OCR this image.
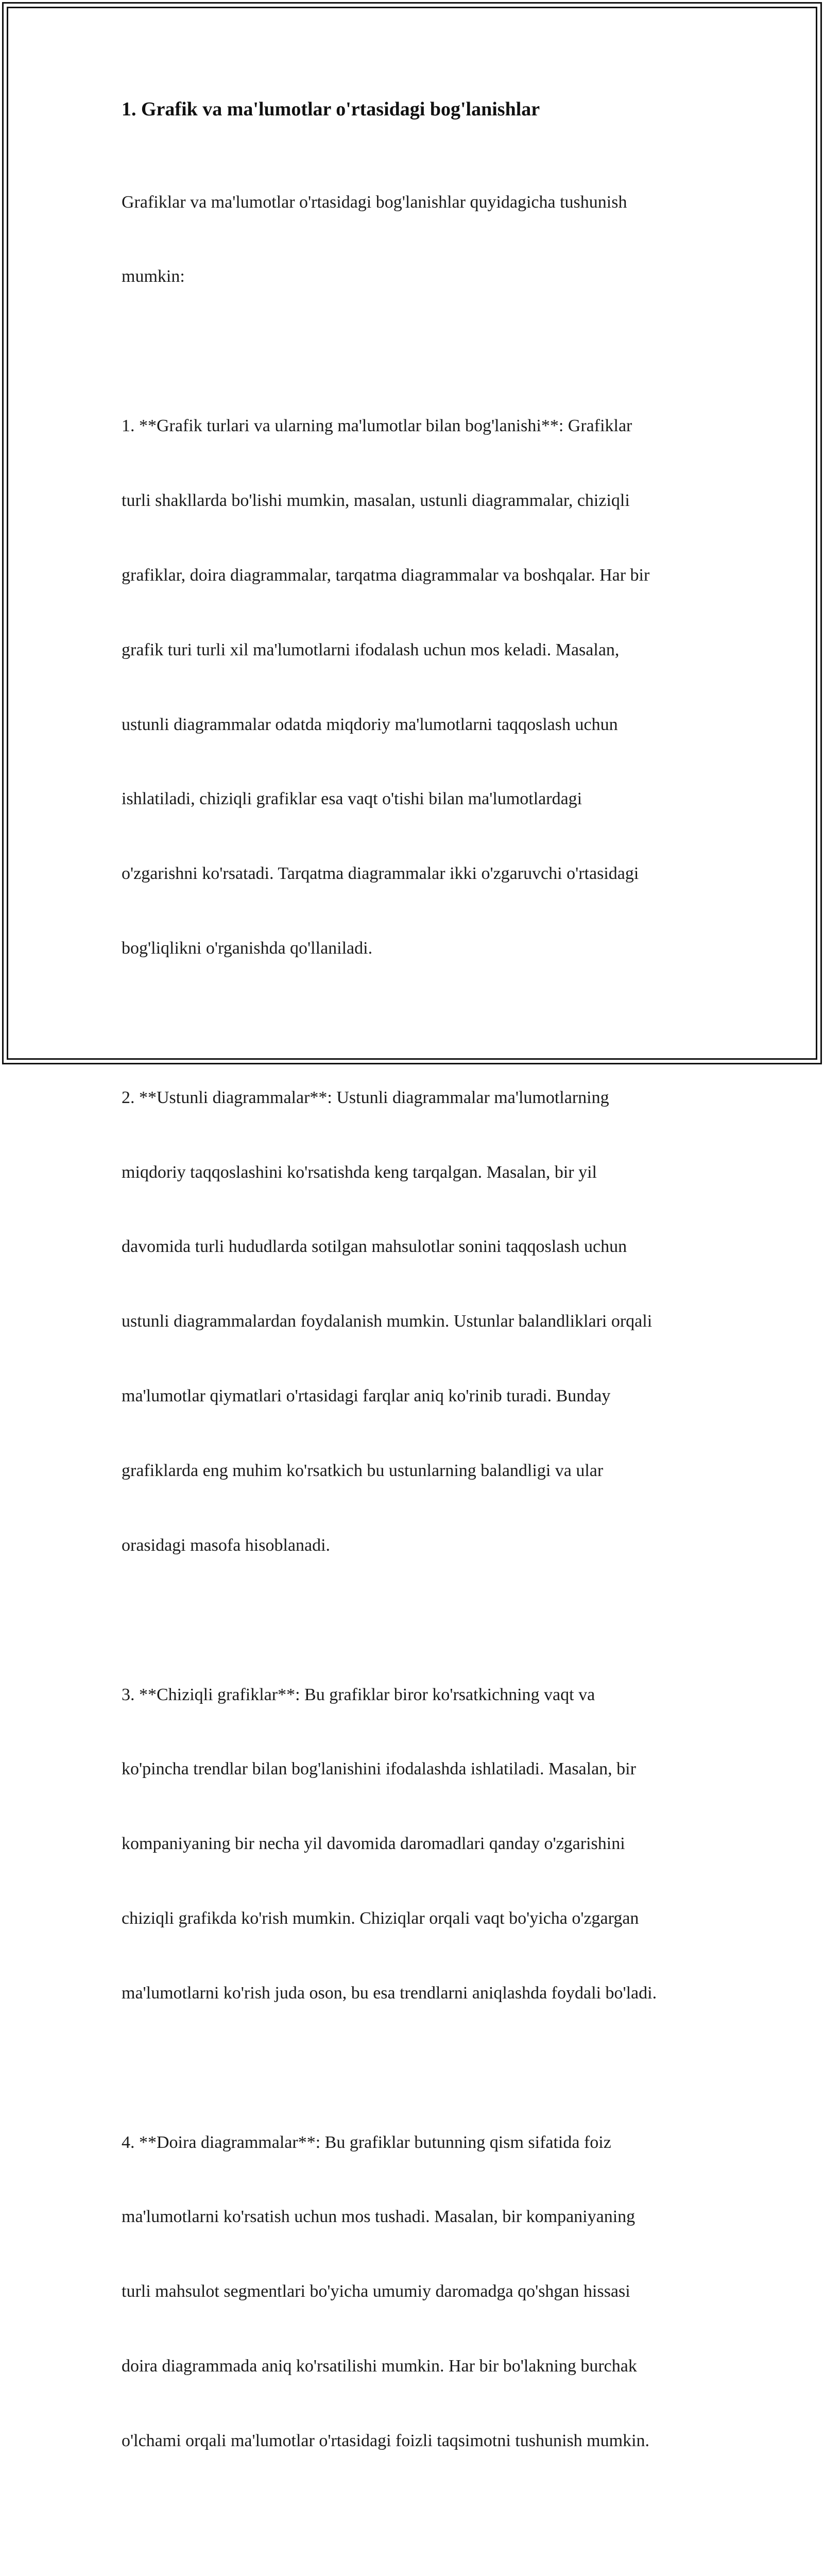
1. Grafik va ma'lumotlar o'rtasidagi bog'lanishlar

Grafiklar va ma'lumotlar o'rtasidagi bog'lanishlar quyidagicha tushunish

mumkin:

1. **Grafik turlari va ularning ma'lumotlar bilan bog'lanishi**: Grafiklar

turli shakllarda bo'lishi mumkin, masalan, ustunli diagrammalar, chiziqli

grafiklar, doira diagrammalar, tarqatma diagrammalar va boshqalar. Har bir

grafik turi turli xil ma'lumotlarni ifodalash uchun mos keladi. Masalan,

ustunli diagrammalar odatda miqdoriy ma'lumotlarni taqqoslash uchun

ishlatiladi, chiziqli grafiklar esa vaqt o'tishi bilan ma'lumotlardagi

o'zgarishni ko'rsatadi. Tarqatma diagrammalar ikki o'zgaruvchi o'rtasidagi

bog'liqlikni o'rganishda qo'llaniladi.

2. **Ustunli diagrammalar**: Ustunli diagrammalar ma'lumotlarning

miqdoriy taqqoslashini ko'rsatishda keng tarqalgan. Masalan, bir yil

davomida turli hududlarda sotilgan mahsulotlar sonini taqqoslash uchun

ustunli diagrammalardan foydalanish mumkin. Ustunlar balandliklari orqali

ma'lumotlar qiymatlari o'rtasidagi farqlar aniq ko'rinib turadi. Bunday

grafiklarda eng muhim ko'rsatkich bu ustunlarning balandligi va ular

orasidagi masofa hisoblanadi.

3. **Chiziqli grafiklar**: Bu grafiklar biror ko'rsatkichning vaqt va

ko'pincha trendlar bilan bog'lanishini ifodalashda ishlatiladi. Masalan, bir

kompaniyaning bir necha yil davomida daromadlari qanday o'zgarishini

chiziqli grafikda ko'rish mumkin. Chiziqlar orqali vaqt bo'yicha o'zgargan

ma'lumotlarni ko'rish juda oson, bu esa trendlarni aniqlashda foydali bo'ladi.

4. **Doira diagrammalar**: Bu grafiklar butunning qism sifatida foiz

ma'lumotlarni ko'rsatish uchun mos tushadi. Masalan, bir kompaniyaning

turli mahsulot segmentlari bo'yicha umumiy daromadga qo'shgan hissasi

doira diagrammada aniq ko'rsatilishi mumkin. Har bir bo'lakning burchak

o'lchami orqali ma'lumotlar o'rtasidagi foizli taqsimotni tushunish mumkin.
